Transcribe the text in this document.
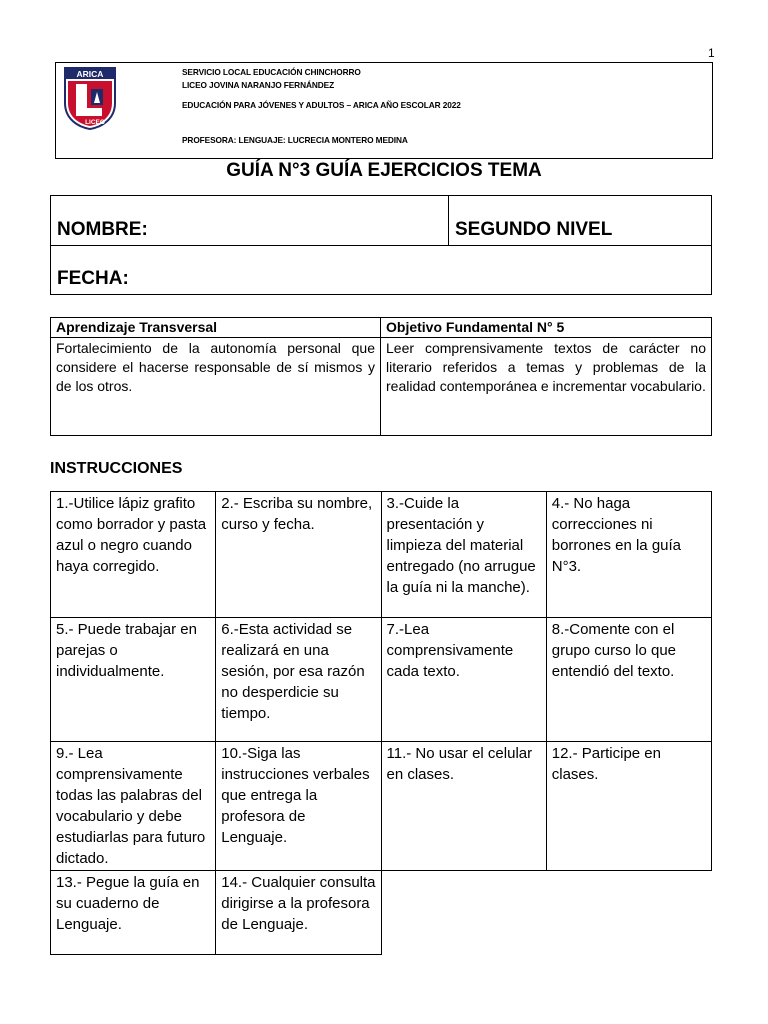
1
ARICA
LICEO
SERVICIO LOCAL EDUCACIÓN CHINCHORRO
LICEO JOVINA NARANJO FERNÁNDEZ
EDUCACIÓN PARA JÓVENES Y ADULTOS – ARICA AÑO ESCOLAR 2022
PROFESORA: LENGUAJE: LUCRECIA MONTERO MEDINA
GUÍA N°3 GUÍA EJERCICIOS TEMA
NOMBRE:	SEGUNDO NIVEL
FECHA:
Aprendizaje Transversal	Objetivo Fundamental N° 5
Fortalecimiento de la autonomía personal que considere el hacerse responsable de sí mismos y de los otros.	Leer comprensivamente textos de carácter no literario referidos a temas y problemas de la realidad contemporánea e incrementar vocabulario.
INSTRUCCIONES
1.-Utilice lápiz grafito como borrador y pasta azul o negro cuando haya corregido.	2.- Escriba su nombre, curso y fecha.	3.-Cuide la presentación y limpieza del material entregado (no arrugue la guía ni la manche).	4.- No haga correcciones ni borrones en la guía N°3.
5.- Puede trabajar en parejas o individualmente.	6.-Esta actividad se realizará en una sesión, por esa razón no desperdicie su tiempo.	7.-Lea comprensivamente cada texto.	8.-Comente con el grupo curso lo que entendió del texto.
9.- Lea comprensivamente todas las palabras del vocabulario y debe estudiarlas para futuro dictado.	10.-Siga las instrucciones verbales que entrega la profesora de Lenguaje.	11.- No usar el celular en clases.	12.- Participe en clases.
13.- Pegue la guía en su cuaderno de Lenguaje.	14.- Cualquier consulta dirigirse a la profesora de Lenguaje.		
